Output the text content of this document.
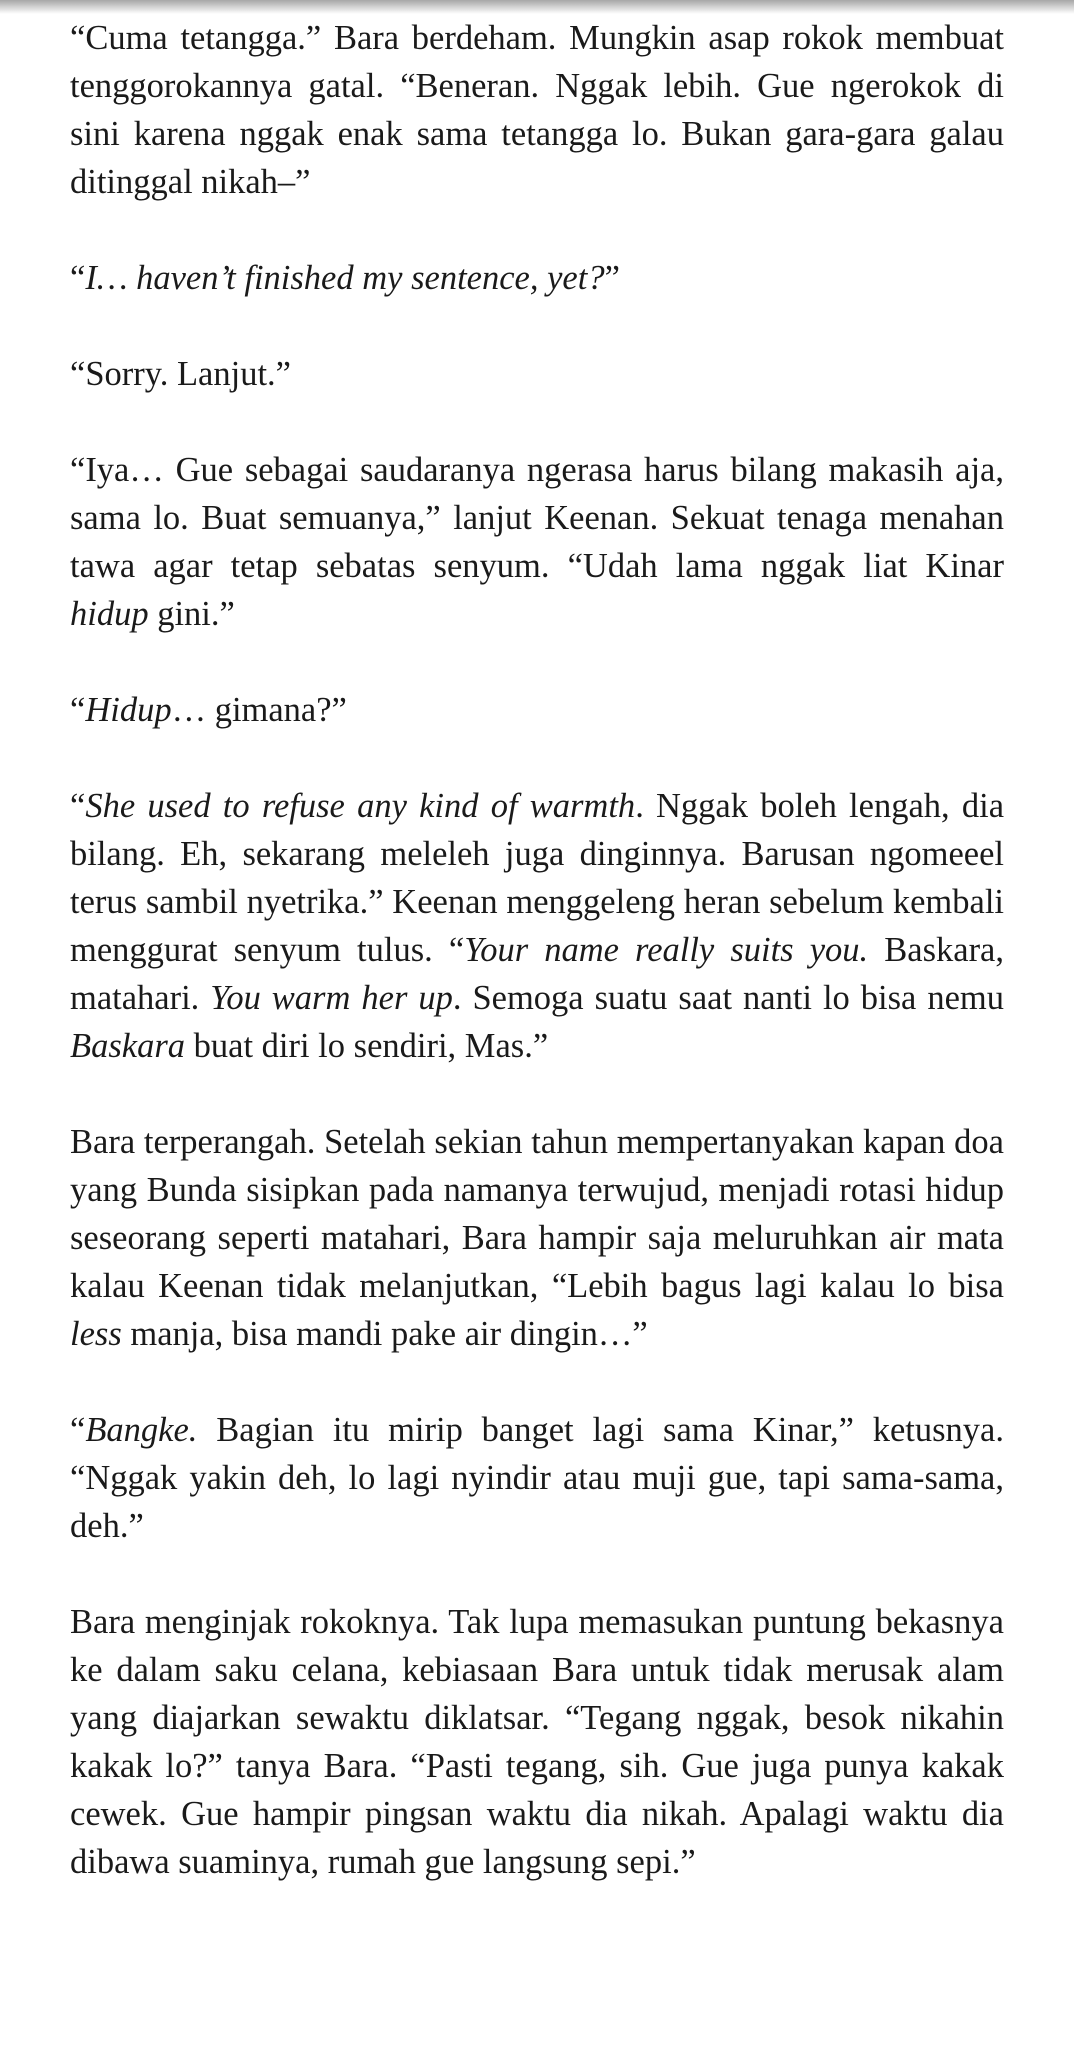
“Cuma tetangga.” Bara berdeham. Mungkin asap rokok membuat tenggorokannya gatal. “Beneran. Nggak lebih. Gue ngerokok di sini karena nggak enak sama tetangga lo. Bukan gara-gara galau ditinggal nikah–”

“I… haven’t finished my sentence, yet?”

“Sorry. Lanjut.”

“Iya… Gue sebagai saudaranya ngerasa harus bilang makasih aja, sama lo. Buat semuanya,” lanjut Keenan. Sekuat tenaga menahan tawa agar tetap sebatas senyum. “Udah lama nggak liat Kinar hidup gini.”

“Hidup… gimana?”

“She used to refuse any kind of warmth. Nggak boleh lengah, dia bilang. Eh, sekarang meleleh juga dinginnya. Barusan ngomeeel terus sambil nyetrika.” Keenan menggeleng heran sebelum kembali menggurat senyum tulus. “Your name really suits you. Baskara, matahari. You warm her up. Semoga suatu saat nanti lo bisa nemu Baskara buat diri lo sendiri, Mas.”

Bara terperangah. Setelah sekian tahun mempertanyakan kapan doa yang Bunda sisipkan pada namanya terwujud, menjadi rotasi hidup seseorang seperti matahari, Bara hampir saja meluruhkan air mata kalau Keenan tidak melanjutkan, “Lebih bagus lagi kalau lo bisa less manja, bisa mandi pake air dingin…”

“Bangke. Bagian itu mirip banget lagi sama Kinar,” ketusnya. “Nggak yakin deh, lo lagi nyindir atau muji gue, tapi sama-sama, deh.”

Bara menginjak rokoknya. Tak lupa memasukan puntung bekasnya ke dalam saku celana, kebiasaan Bara untuk tidak merusak alam yang diajarkan sewaktu diklatsar. “Tegang nggak, besok nikahin kakak lo?” tanya Bara. “Pasti tegang, sih. Gue juga punya kakak cewek. Gue hampir pingsan waktu dia nikah. Apalagi waktu dia dibawa suaminya, rumah gue langsung sepi.”
